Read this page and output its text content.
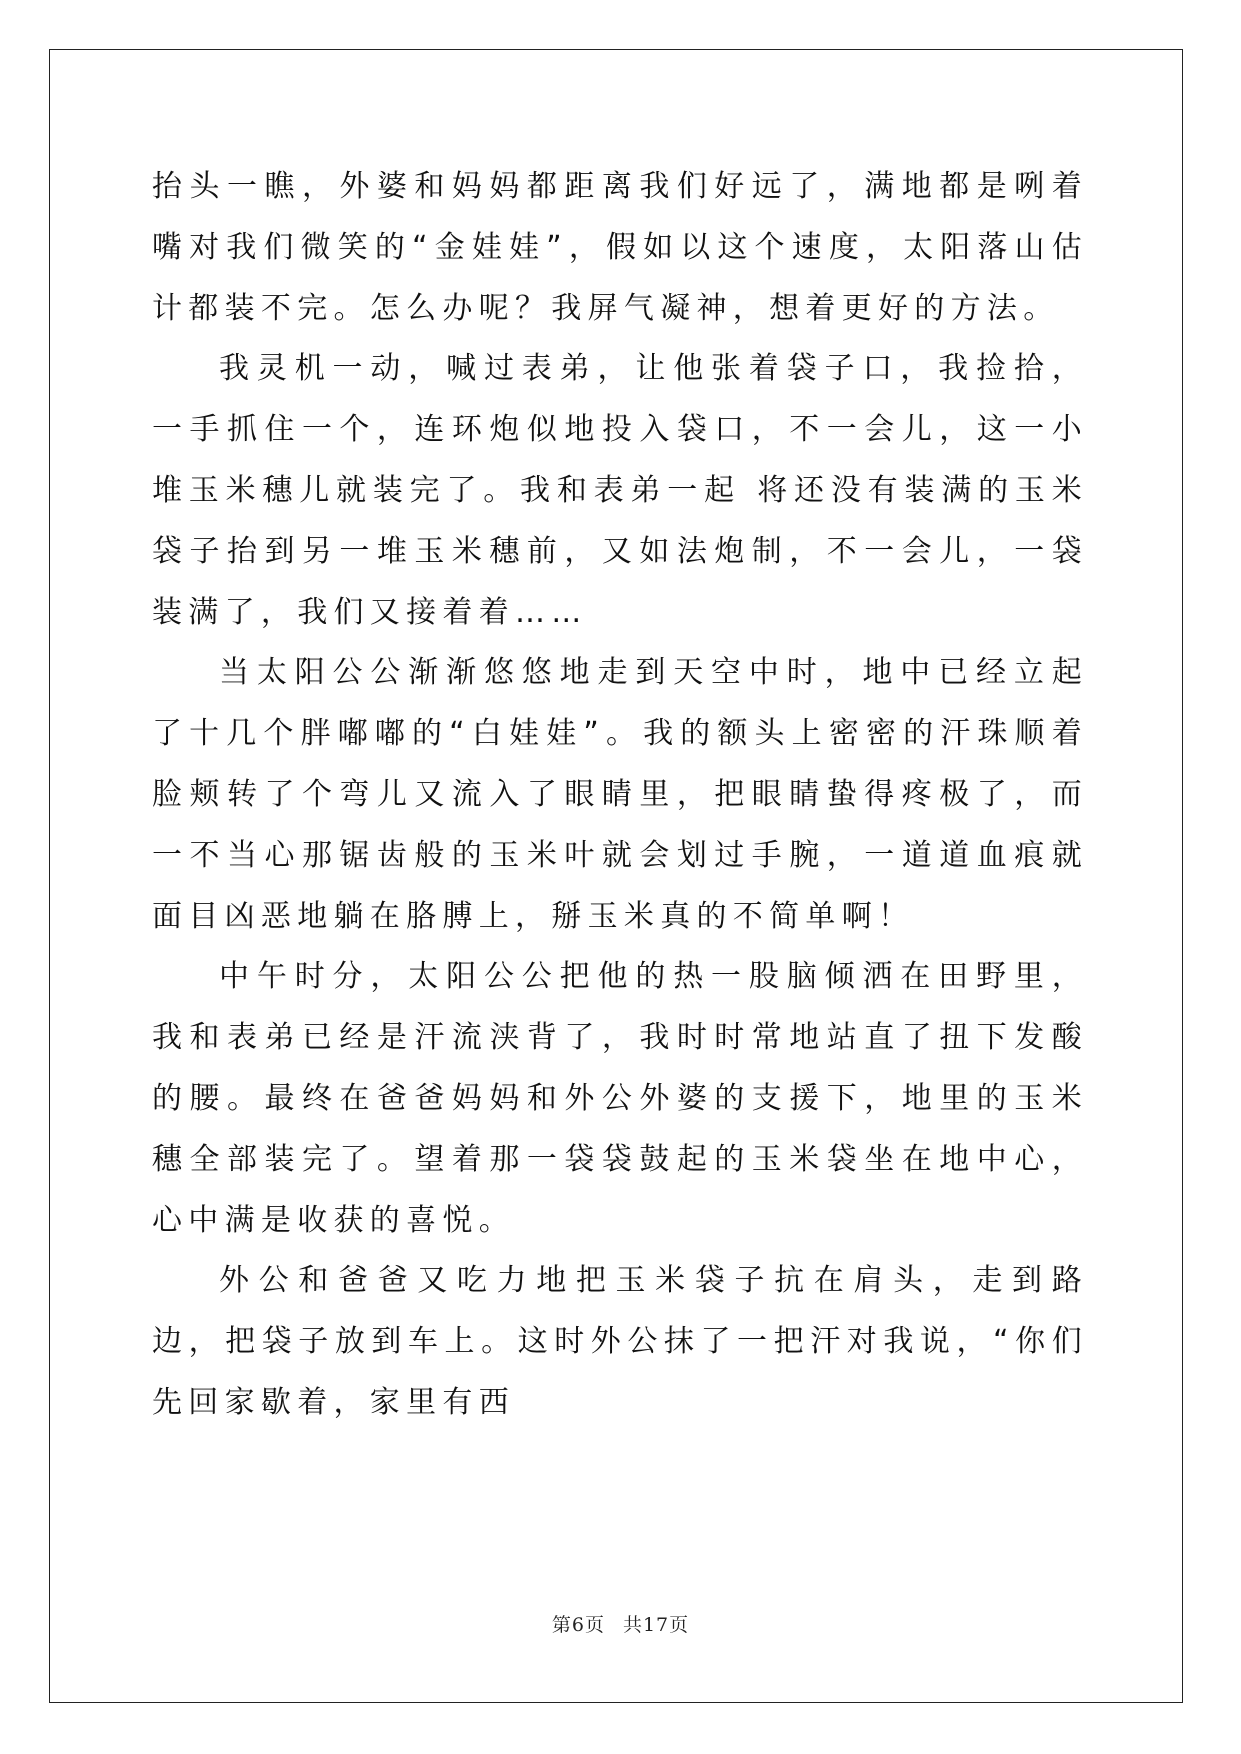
抬头一瞧，外婆和妈妈都距离我们好远了，满地都是咧着嘴对我们微笑的“金娃娃”，假如以这个速度，太阳落山估计都装不完。怎么办呢？我屏气凝神，想着更好的方法。

我灵机一动，喊过表弟，让他张着袋子口，我捡拾，一手抓住一个，连环炮似地投入袋口，不一会儿，这一小堆玉米穗儿就装完了。我和表弟一起 将还没有装满的玉米袋子抬到另一堆玉米穗前，又如法炮制，不一会儿，一袋装满了，我们又接着着……

当太阳公公渐渐悠悠地走到天空中时，地中已经立起了十几个胖嘟嘟的“白娃娃”。我的额头上密密的汗珠顺着脸颊转了个弯儿又流入了眼睛里，把眼睛蛰得疼极了，而一不当心那锯齿般的玉米叶就会划过手腕，一道道血痕就面目凶恶地躺在胳膊上，掰玉米真的不简单啊！

中午时分，太阳公公把他的热一股脑倾洒在田野里，我和表弟已经是汗流浃背了，我时时常地站直了扭下发酸的腰。最终在爸爸妈妈和外公外婆的支援下，地里的玉米穗全部装完了。望着那一袋袋鼓起的玉米袋坐在地中心，心中满是收获的喜悦。

外公和爸爸又吃力地把玉米袋子抗在肩头，走到路边，把袋子放到车上。这时外公抹了一把汗对我说，“你们先回家歇着，家里有西

第6页 共17页
